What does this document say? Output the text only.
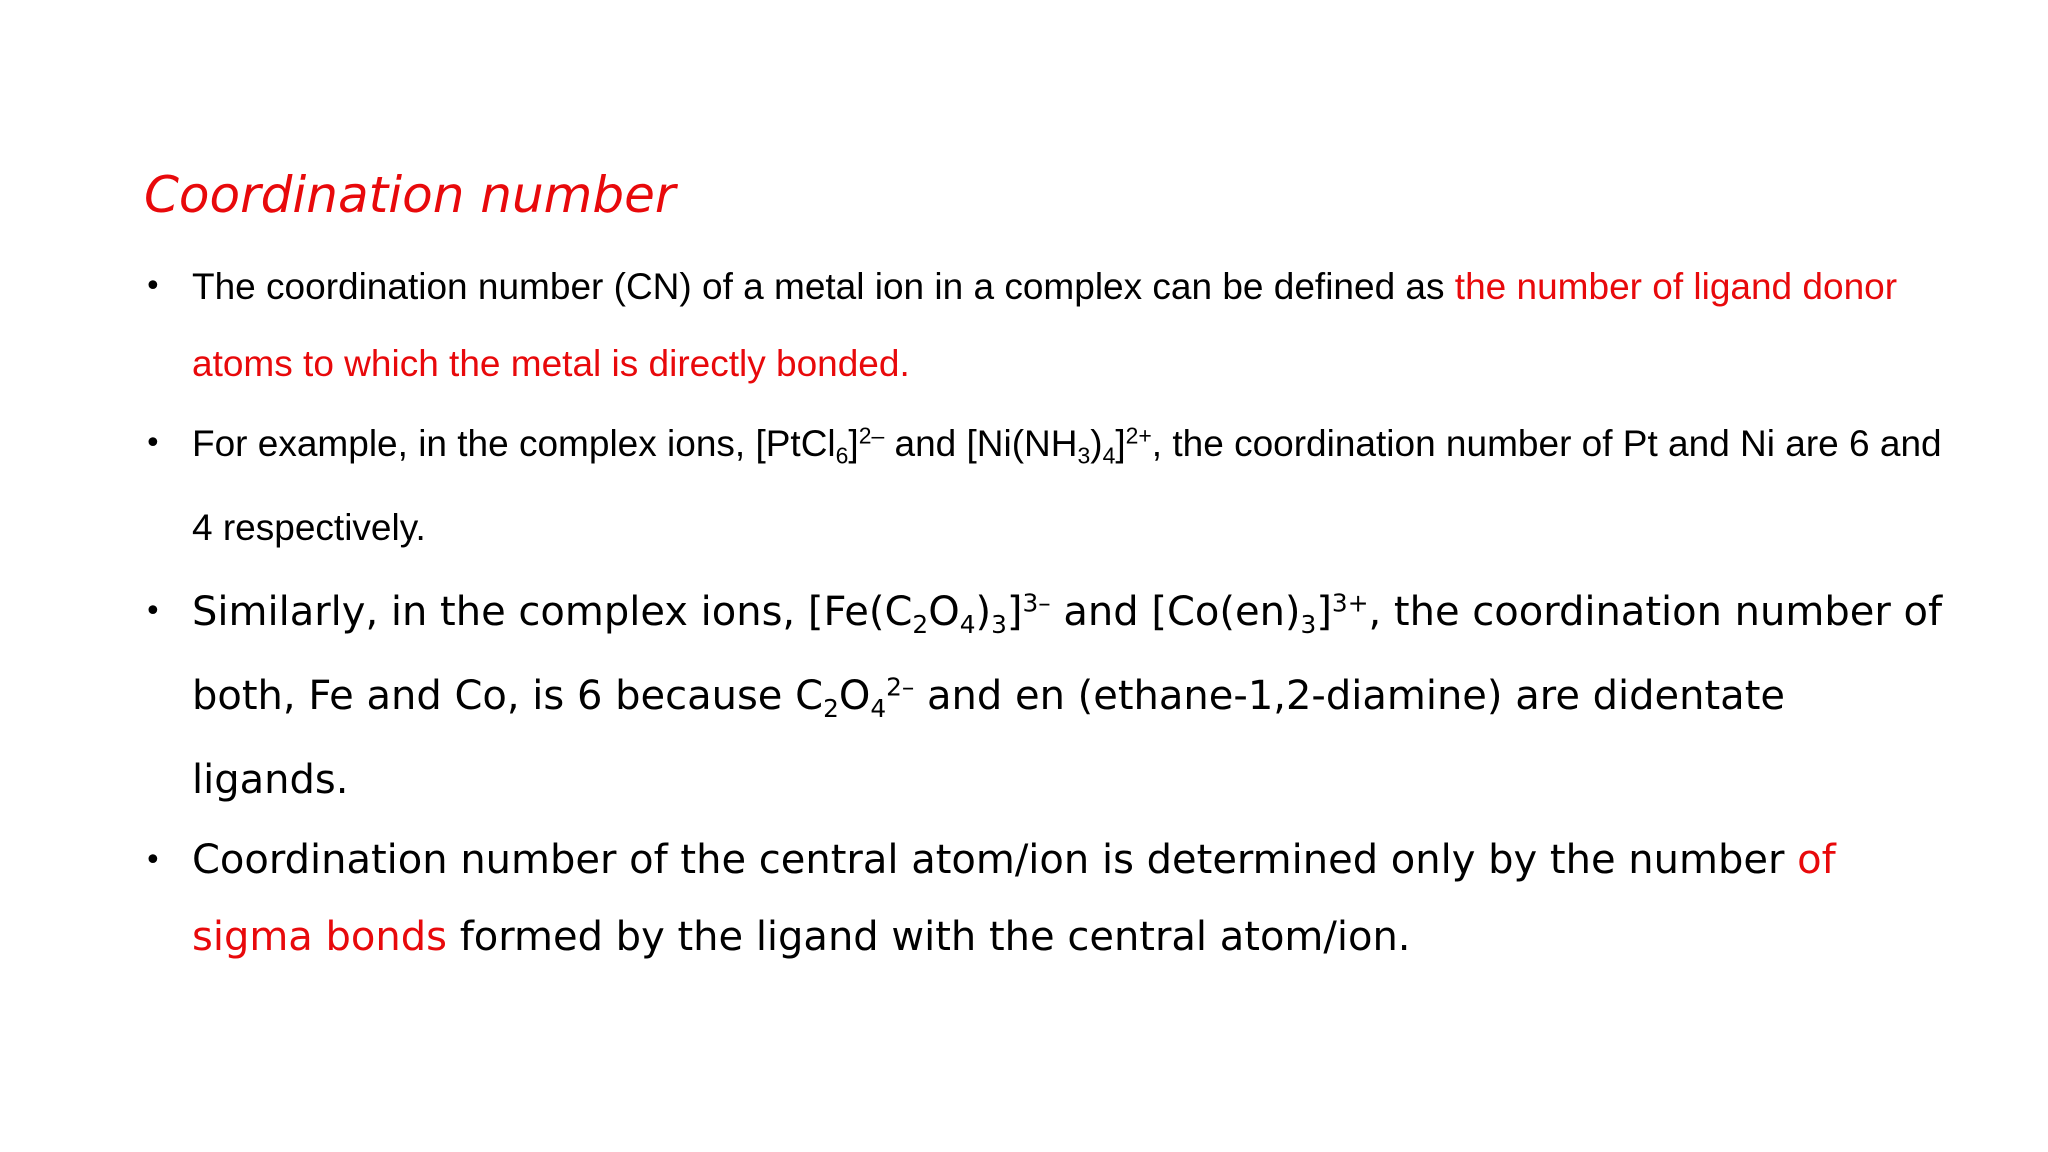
Coordination number
• The coordination number (CN) of a metal ion in a complex can be defined as the number of ligand donor atoms to which the metal is directly bonded.
• For example, in the complex ions, [PtCl$_6$]$^{2-}$ and $[Ni(NH_3)_4]^{2+}$, the coordination number of Pt and Ni are 6 and 4 respectively.
• Similarly, in the complex ions, $[Fe(C_2O_4)_3]^{3-}$ and $[Co(en)_3]^{3+}$, the coordination number of both, Fe and Co, is 6 because $C_2O_4^{2-}$ and en (ethane-1,2-diamine) are didentate ligands.
• Coordination number of the central atom/ion is determined only by the number of sigma bonds formed by the ligand with the central atom/ion.
